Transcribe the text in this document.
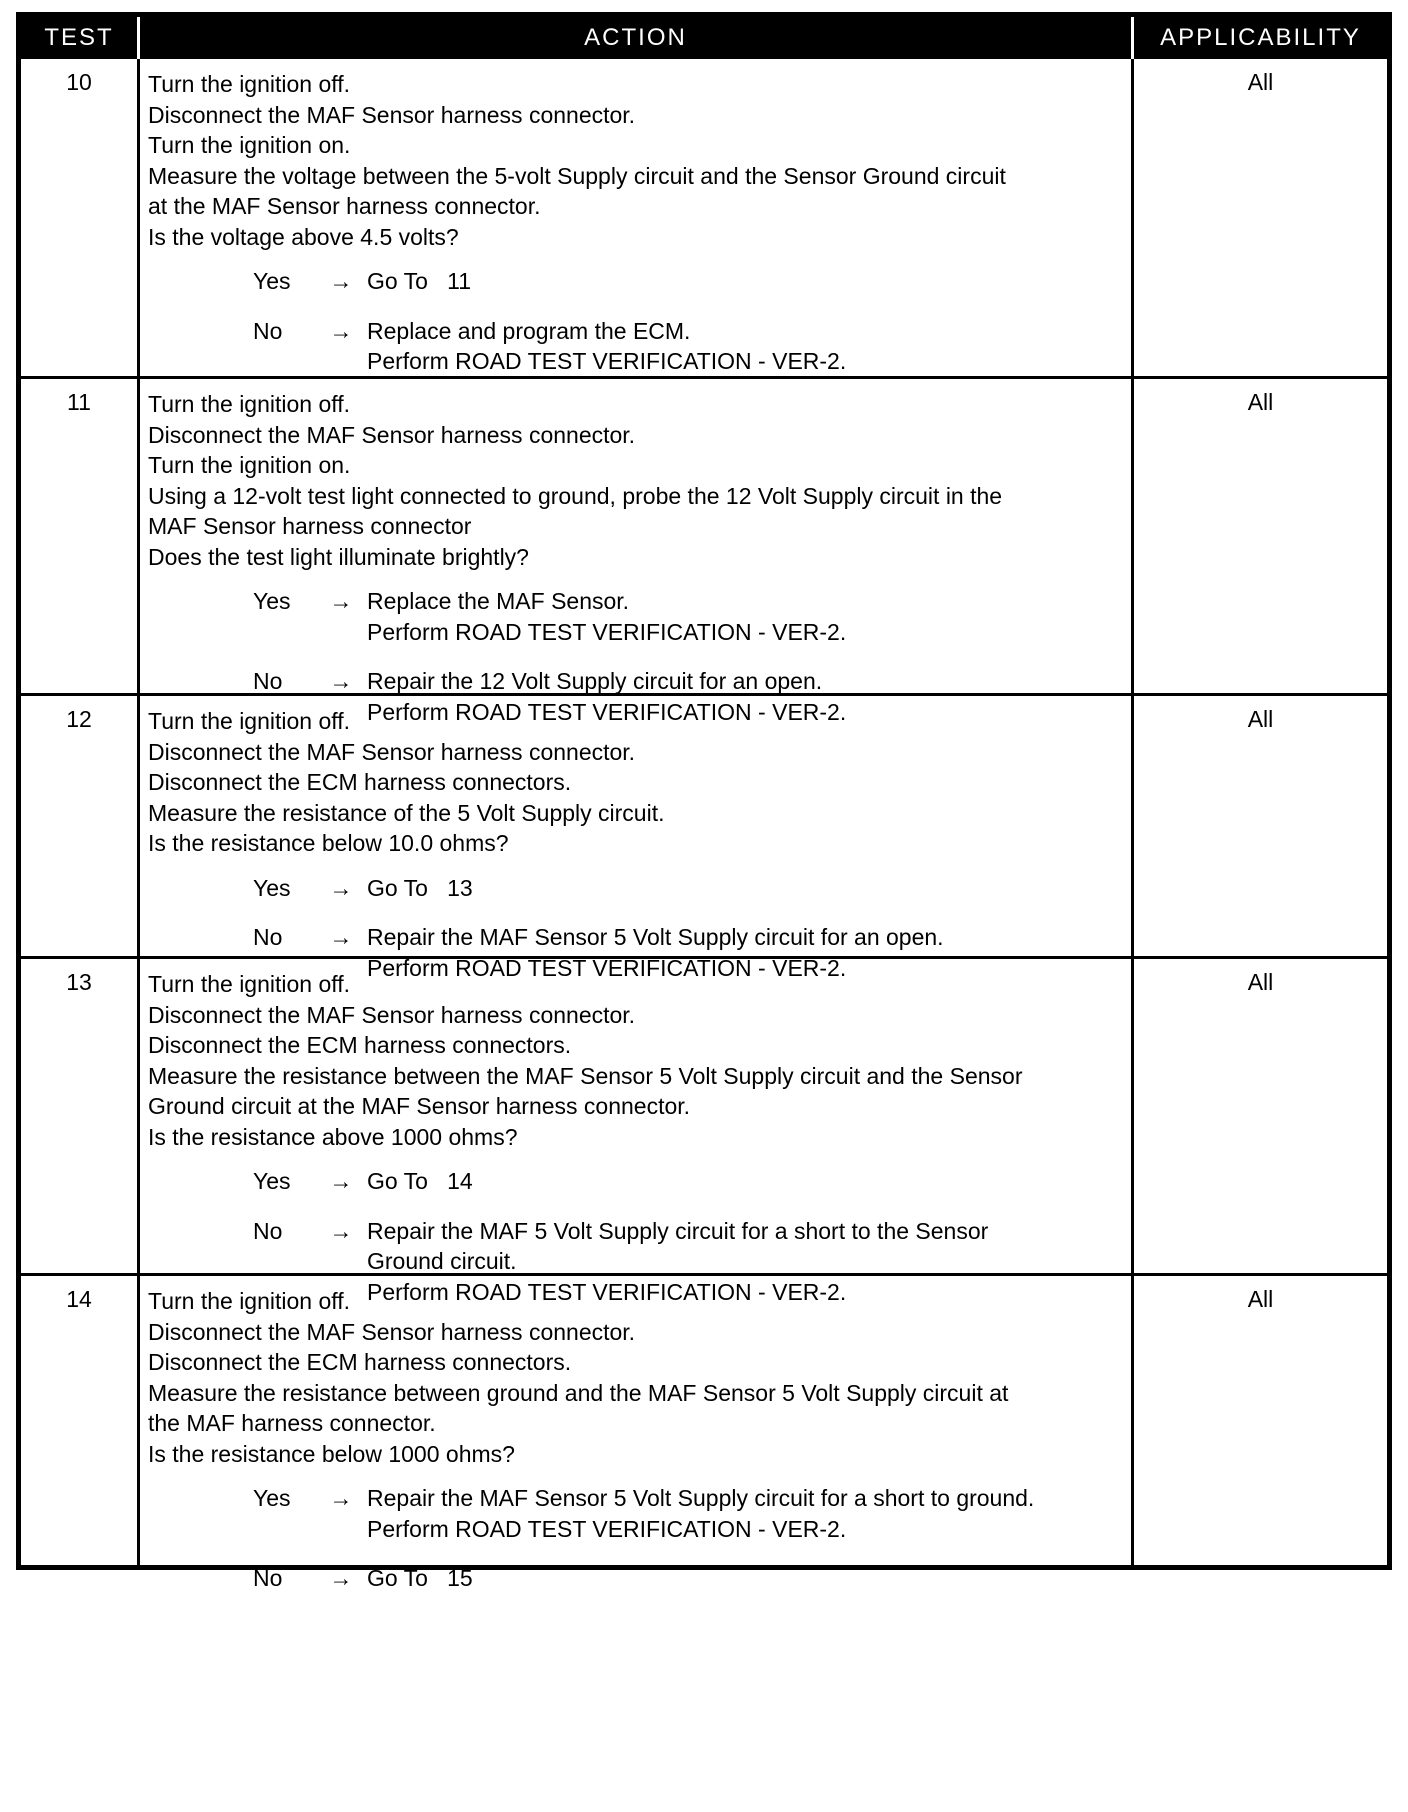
TEST	ACTION	APPLICABILITY
10	Turn the ignition off.
Disconnect the MAF Sensor harness connector.
Turn the ignition on.
Measure the voltage between the 5-volt Supply circuit and the Sensor Ground circuit
at the MAF Sensor harness connector.
Is the voltage above 4.5 volts?
Yes	→ Go To   11
No	→ Replace and program the ECM.
Perform ROAD TEST VERIFICATION - VER-2.
All
11	Turn the ignition off.
Disconnect the MAF Sensor harness connector.
Turn the ignition on.
Using a 12-volt test light connected to ground, probe the 12 Volt Supply circuit in the
MAF Sensor harness connector
Does the test light illuminate brightly?
Yes	→ Replace the MAF Sensor.
Perform ROAD TEST VERIFICATION - VER-2.
No	→ Repair the 12 Volt Supply circuit for an open.
Perform ROAD TEST VERIFICATION - VER-2.
All
12	Turn the ignition off.
Disconnect the MAF Sensor harness connector.
Disconnect the ECM harness connectors.
Measure the resistance of the 5 Volt Supply circuit.
Is the resistance below 10.0 ohms?
Yes	→ Go To   13
No	→ Repair the MAF Sensor 5 Volt Supply circuit for an open.
Perform ROAD TEST VERIFICATION - VER-2.
All
13	Turn the ignition off.
Disconnect the MAF Sensor harness connector.
Disconnect the ECM harness connectors.
Measure the resistance between the MAF Sensor 5 Volt Supply circuit and the Sensor
Ground circuit at the MAF Sensor harness connector.
Is the resistance above 1000 ohms?
Yes	→ Go To   14
No	→ Repair the MAF 5 Volt Supply circuit for a short to the Sensor
Ground circuit.
Perform ROAD TEST VERIFICATION - VER-2.
All
14	Turn the ignition off.
Disconnect the MAF Sensor harness connector.
Disconnect the ECM harness connectors.
Measure the resistance between ground and the MAF Sensor 5 Volt Supply circuit at
the MAF harness connector.
Is the resistance below 1000 ohms?
Yes	→ Repair the MAF Sensor 5 Volt Supply circuit for a short to ground.
Perform ROAD TEST VERIFICATION - VER-2.
No	→ Go To   15
All
